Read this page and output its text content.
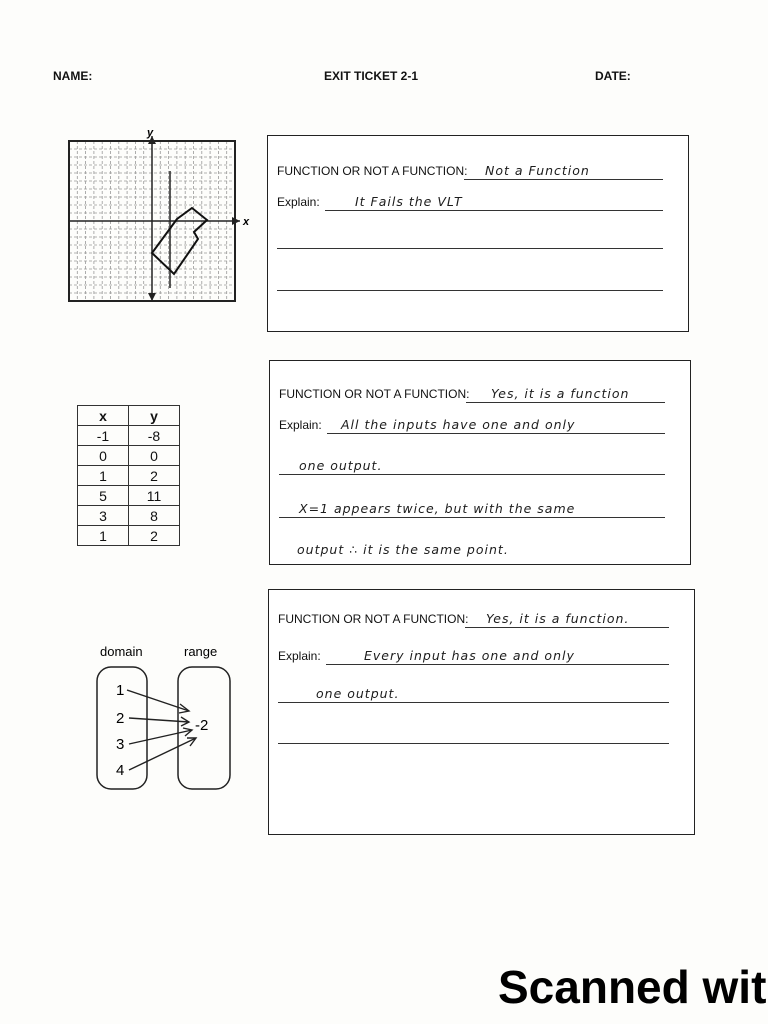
NAME:	EXIT TICKET 2-1	DATE:
x
y
FUNCTION OR NOT A FUNCTION: Not a Function
Explain:	It Fails the VLT
x	y
-1	-8
0	0
1	2
5	11
3	8
1	2
FUNCTION OR NOT A FUNCTION: Yes, it is a function
Explain: All the inputs have one and only
one output.
X=1 appears twice, but with the same
output ∴ it is the same point.
domain	range
1
2
3
4
-2
FUNCTION OR NOT A FUNCTION: Yes, it is a function.
Explain:	Every input has one and only
one output.
Scanned wit
